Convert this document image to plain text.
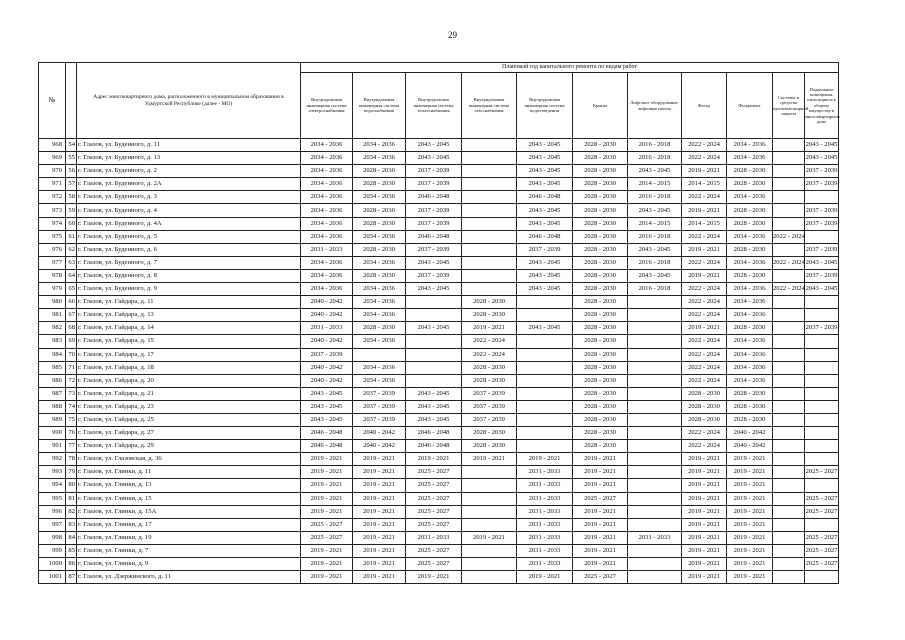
29
№		Адрес многоквартирного дома, расположенного в муниципальном образовании в Удмуртской Республике (далее - МО)	Плановый год капитального ремонта по видам работ										
			Внутридомовая инженерная система электроснабжения	Внутридомовая инженерная система водоснабжения	Внутридомовая инженерная система теплоснабжения	Внутридомовая инженерная система газоснабжения	Внутридомовая инженерная система водоотведения	Крыша	Лифтовое оборудование, лифтовые шахты	Фасад	Фундамент	Системы и средства противопожарной защиты	Подвальные помещения, относящиеся к общему имуществу в многоквартирном доме
968	54	г. Глазов, ул. Буденного, д. 11	2034 - 2036	2034 - 2036	2043 - 2045		2043 - 2045	2028 - 2030	2016 - 2018	2022 - 2024	2034 - 2036		2043 - 2045
969	55	г. Глазов, ул. Буденного, д. 13	2034 - 2036	2034 - 2036	2043 - 2045		2043 - 2045	2028 - 2030	2016 - 2018	2022 - 2024	2034 - 2036		2043 - 2045
970	56	г. Глазов, ул. Буденного, д. 2	2034 - 2036	2028 - 2030	2037 - 2039		2043 - 2045	2028 - 2030	2043 - 2045	2019 - 2021	2028 - 2030		2037 - 2039
971	57	г. Глазов, ул. Буденного, д. 2А	2034 - 2036	2028 - 2030	2037 - 2039		2043 - 2045	2028 - 2030	2014 - 2015	2014 - 2015	2028 - 2030		2037 - 2039
972	58	г. Глазов, ул. Буденного, д. 3	2034 - 2036	2034 - 2036	2046 - 2048		2046 - 2048	2028 - 2030	2016 - 2018	2022 - 2024	2034 - 2036		
973	59	г. Глазов, ул. Буденного, д. 4	2034 - 2036	2028 - 2030	2037 - 2039		2043 - 2045	2028 - 2030	2043 - 2045	2019 - 2021	2028 - 2030		2037 - 2039
974	60	г. Глазов, ул. Буденного, д. 4А	2034 - 2036	2028 - 2030	2037 - 2039		2043 - 2045	2028 - 2030	2014 - 2015	2014 - 2015	2028 - 2030		2037 - 2039
975	61	г. Глазов, ул. Буденного, д. 5	2034 - 2036	2034 - 2036	2046 - 2048		2046 - 2048	2028 - 2030	2016 - 2018	2022 - 2024	2034 - 2036	2022 - 2024	
976	62	г. Глазов, ул. Буденного, д. 6	2031 - 2033	2028 - 2030	2037 - 2039		2037 - 2039	2028 - 2030	2043 - 2045	2019 - 2021	2028 - 2030		2037 - 2039
977	63	г. Глазов, ул. Буденного, д. 7	2034 - 2036	2034 - 2036	2043 - 2045		2043 - 2045	2028 - 2030	2016 - 2018	2022 - 2024	2034 - 2036	2022 - 2024	2043 - 2045
978	64	г. Глазов, ул. Буденного, д. 8	2034 - 2036	2028 - 2030	2037 - 2039		2043 - 2045	2028 - 2030	2043 - 2045	2019 - 2021	2028 - 2030		2037 - 2039
979	65	г. Глазов, ул. Буденного, д. 9	2034 - 2036	2034 - 2036	2043 - 2045		2043 - 2045	2028 - 2030	2016 - 2018	2022 - 2024	2034 - 2036	2022 - 2024	2043 - 2045
980	66	г. Глазов, ул. Гайдара, д. 11	2040 - 2042	2034 - 2036		2028 - 2030		2028 - 2030		2022 - 2024	2034 - 2036		
981	67	г. Глазов, ул. Гайдара, д. 13	2040 - 2042	2034 - 2036		2028 - 2030		2028 - 2030		2022 - 2024	2034 - 2036		
982	68	г. Глазов, ул. Гайдара, д. 14	2031 - 2033	2028 - 2030	2043 - 2045	2019 - 2021	2043 - 2045	2028 - 2030		2019 - 2021	2028 - 2030		2037 - 2039
983	69	г. Глазов, ул. Гайдара, д. 15	2040 - 2042	2034 - 2036		2022 - 2024		2028 - 2030		2022 - 2024	2034 - 2036		
984	70	г. Глазов, ул. Гайдара, д. 17	2037 - 2039			2022 - 2024		2028 - 2030		2022 - 2024	2034 - 2036		
985	71	г. Глазов, ул. Гайдара, д. 18	2040 - 2042	2034 - 2036		2028 - 2030		2028 - 2030		2022 - 2024	2034 - 2036		
986	72	г. Глазов, ул. Гайдара, д. 20	2040 - 2042	2034 - 2036		2028 - 2030		2028 - 2030		2022 - 2024	2034 - 2036		
987	73	г. Глазов, ул. Гайдара, д. 21	2043 - 2045	2037 - 2039	2043 - 2045	2037 - 2039		2028 - 2030		2028 - 2030	2028 - 2030		
988	74	г. Глазов, ул. Гайдара, д. 23	2043 - 2045	2037 - 2039	2043 - 2045	2037 - 2039		2028 - 2030		2028 - 2030	2028 - 2030		
989	75	г. Глазов, ул. Гайдара, д. 25	2043 - 2045	2037 - 2039	2043 - 2045	2037 - 2039		2028 - 2030		2028 - 2030	2028 - 2030		
990	76	г. Глазов, ул. Гайдара, д. 27	2046 - 2048	2040 - 2042	2046 - 2048	2028 - 2030		2028 - 2030		2022 - 2024	2040 - 2042		
991	77	г. Глазов, ул. Гайдара, д. 29	2046 - 2048	2040 - 2042	2046 - 2048	2028 - 2030		2028 - 2030		2022 - 2024	2040 - 2042		
992	78	г. Глазов, ул. Глазовская, д. 36	2019 - 2021	2019 - 2021	2019 - 2021	2019 - 2021	2019 - 2021	2019 - 2021		2019 - 2021	2019 - 2021		
993	79	г. Глазов, ул. Глинки, д. 11	2019 - 2021	2019 - 2021	2025 - 2027		2031 - 2033	2019 - 2021		2019 - 2021	2019 - 2021		2025 - 2027
994	80	г. Глазов, ул. Глинки, д. 13	2019 - 2021	2019 - 2021	2025 - 2027		2031 - 2033	2019 - 2021		2019 - 2021	2019 - 2021		
995	81	г. Глазов, ул. Глинки, д. 15	2019 - 2021	2019 - 2021	2025 - 2027		2031 - 2033	2025 - 2027		2019 - 2021	2019 - 2021		2025 - 2027
996	82	г. Глазов, ул. Глинки, д. 15А	2019 - 2021	2019 - 2021	2025 - 2027		2031 - 2033	2019 - 2021		2019 - 2021	2019 - 2021		2025 - 2027
997	83	г. Глазов, ул. Глинки, д. 17	2025 - 2027	2019 - 2021	2025 - 2027		2031 - 2033	2019 - 2021		2019 - 2021	2019 - 2021		
998	84	г. Глазов, ул. Глинки, д. 19	2025 - 2027	2019 - 2021	2031 - 2033	2019 - 2021	2031 - 2033	2019 - 2021	2031 - 2033	2019 - 2021	2019 - 2021		2025 - 2027
999	85	г. Глазов, ул. Глинки, д. 7	2019 - 2021	2019 - 2021	2025 - 2027		2031 - 2033	2019 - 2021		2019 - 2021	2019 - 2021		2025 - 2027
1000	86	г. Глазов, ул. Глинки, д. 9	2019 - 2021	2019 - 2021	2025 - 2027		2031 - 2033	2019 - 2021		2019 - 2021	2019 - 2021		2025 - 2027
1001	87	г. Глазов, ул. Дзержинского, д. 11	2019 - 2021	2019 - 2021	2019 - 2021		2019 - 2021	2025 - 2027		2019 - 2021	2019 - 2021		
